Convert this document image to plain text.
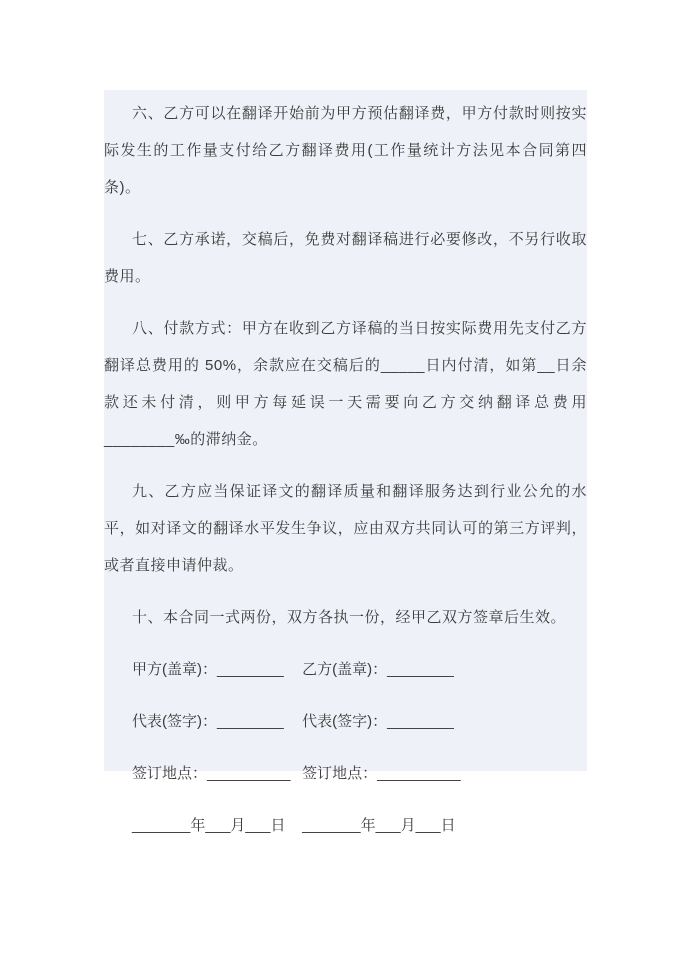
六、乙方可以在翻译开始前为甲方预估翻译费，甲方付款时则按实际发生的工作量支付给乙方翻译费用(工作量统计方法见本合同第四条)。

七、乙方承诺，交稿后，免费对翻译稿进行必要修改，不另行收取费用。

八、付款方式：甲方在收到乙方译稿的当日按实际费用先支付乙方翻译总费用的 50%，余款应在交稿后的_____日内付清，如第__日余款还未付清，则甲方每延误一天需要向乙方交纳翻译总费用________‰的滞纳金。

九、乙方应当保证译文的翻译质量和翻译服务达到行业公允的水平，如对译文的翻译水平发生争议，应由双方共同认可的第三方评判，或者直接申请仲裁。

十、本合同一式两份，双方各执一份，经甲乙双方签章后生效。

甲方(盖章)：________ 乙方(盖章)：________

代表(签字)：________ 代表(签字)：________

签订地点：__________ 签订地点：__________

_______年___月___日 _______年___月___日
